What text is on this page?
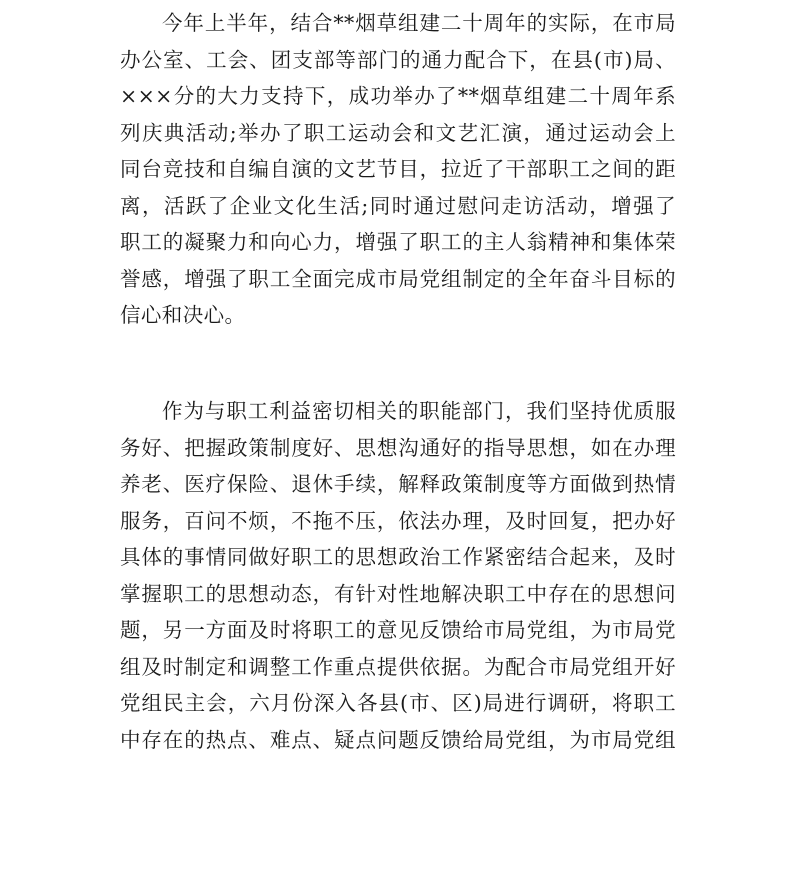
今年上半年，结合**烟草组建二十周年的实际，在市局
办公室、工会、团支部等部门的通力配合下，在县(市)局、
×××分的大力支持下，成功举办了**烟草组建二十周年系
列庆典活动;举办了职工运动会和文艺汇演，通过运动会上
同台竞技和自编自演的文艺节目，拉近了干部职工之间的距
离，活跃了企业文化生活;同时通过慰问走访活动，增强了
职工的凝聚力和向心力，增强了职工的主人翁精神和集体荣
誉感，增强了职工全面完成市局党组制定的全年奋斗目标的
信心和决心。

作为与职工利益密切相关的职能部门，我们坚持优质服
务好、把握政策制度好、思想沟通好的指导思想，如在办理
养老、医疗保险、退休手续，解释政策制度等方面做到热情
服务，百问不烦，不拖不压，依法办理，及时回复，把办好
具体的事情同做好职工的思想政治工作紧密结合起来，及时
掌握职工的思想动态，有针对性地解决职工中存在的思想问
题，另一方面及时将职工的意见反馈给市局党组，为市局党
组及时制定和调整工作重点提供依据。为配合市局党组开好
党组民主会，六月份深入各县(市、区)局进行调研，将职工
中存在的热点、难点、疑点问题反馈给局党组，为市局党组
